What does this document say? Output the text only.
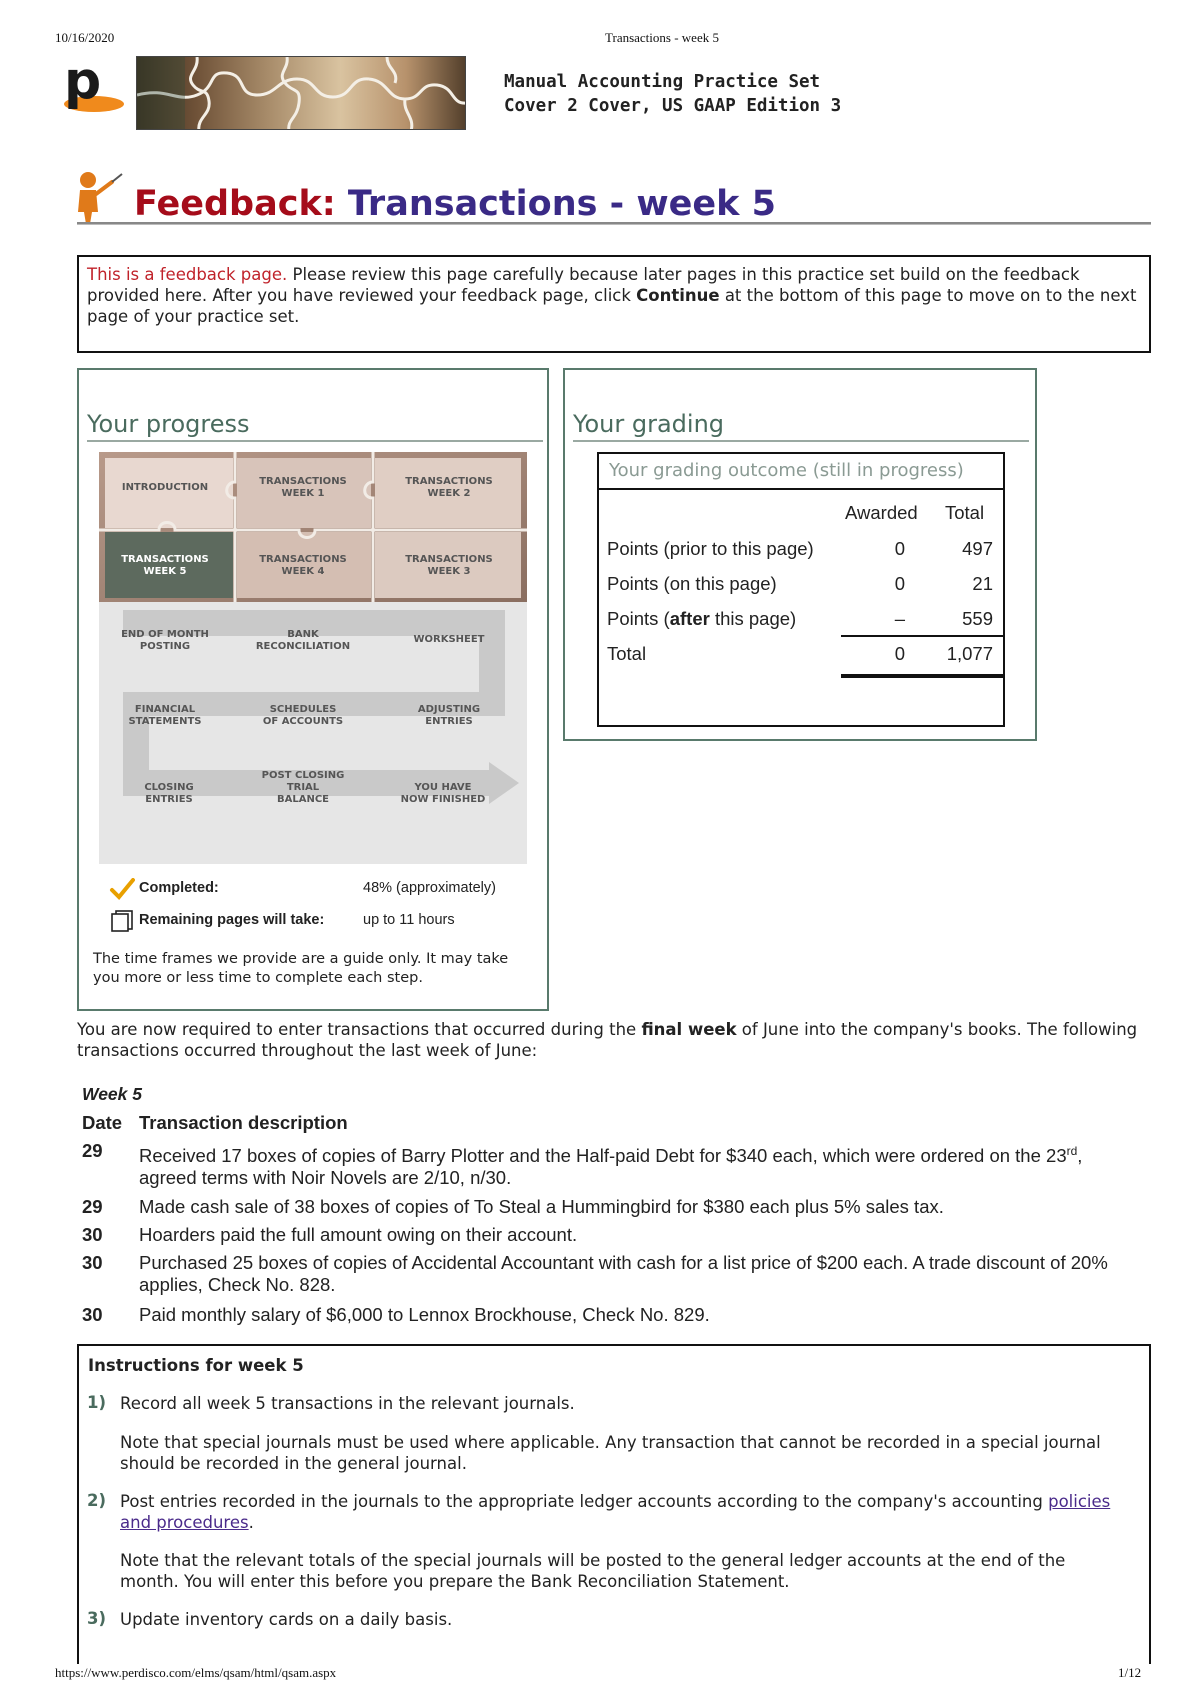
10/16/2020	Transactions - week 5
p	Manual Accounting Practice Set
Cover 2 Cover, US GAAP Edition 3
Feedback: Transactions - week 5
This is a feedback page. Please review this page carefully because later pages in this practice set build on the feedback provided here. After you have reviewed your feedback page, click Continue at the bottom of this page to move on to the next page of your practice set.
Your progress
INTRODUCTION
TRANSACTIONS
WEEK 1
TRANSACTIONS
WEEK 2
TRANSACTIONS
WEEK 5
TRANSACTIONS
WEEK 4
TRANSACTIONS
WEEK 3
END OF MONTH
POSTING
BANK
RECONCILIATION
WORKSHEET
FINANCIAL
STATEMENTS
SCHEDULES
OF ACCOUNTS
ADJUSTING
ENTRIES
CLOSING
ENTRIES
POST CLOSING
TRIAL
BALANCE
YOU HAVE
NOW FINISHED
Completed:	48% (approximately)
Remaining pages will take:	up to 11 hours
The time frames we provide are a guide only. It may take you more or less time to complete each step.
Your grading
Your grading outcome (still in progress)
Awarded Total
Points (prior to this page)	0	497
Points (on this page)	0	21
Points (after this page)	–	559
Total	0	1,077
You are now required to enter transactions that occurred during the final week of June into the company's books. The following transactions occurred throughout the last week of June:
Week 5
Date Transaction description
29 Received 17 boxes of copies of Barry Plotter and the Half-paid Debt for $340 each, which were ordered on the 23rd, agreed terms with Noir Novels are 2/10, n/30.
29 Made cash sale of 38 boxes of copies of To Steal a Hummingbird for $380 each plus 5% sales tax.
30 Hoarders paid the full amount owing on their account.
30 Purchased 25 boxes of copies of Accidental Accountant with cash for a list price of $200 each. A trade discount of 20% applies, Check No. 828.
30 Paid monthly salary of $6,000 to Lennox Brockhouse, Check No. 829.
Instructions for week 5
1) Record all week 5 transactions in the relevant journals.
Note that special journals must be used where applicable. Any transaction that cannot be recorded in a special journal should be recorded in the general journal.
2) Post entries recorded in the journals to the appropriate ledger accounts according to the company's accounting policies and procedures.
Note that the relevant totals of the special journals will be posted to the general ledger accounts at the end of the month. You will enter this before you prepare the Bank Reconciliation Statement.
3) Update inventory cards on a daily basis.
https://www.perdisco.com/elms/qsam/html/qsam.aspx	1/12
